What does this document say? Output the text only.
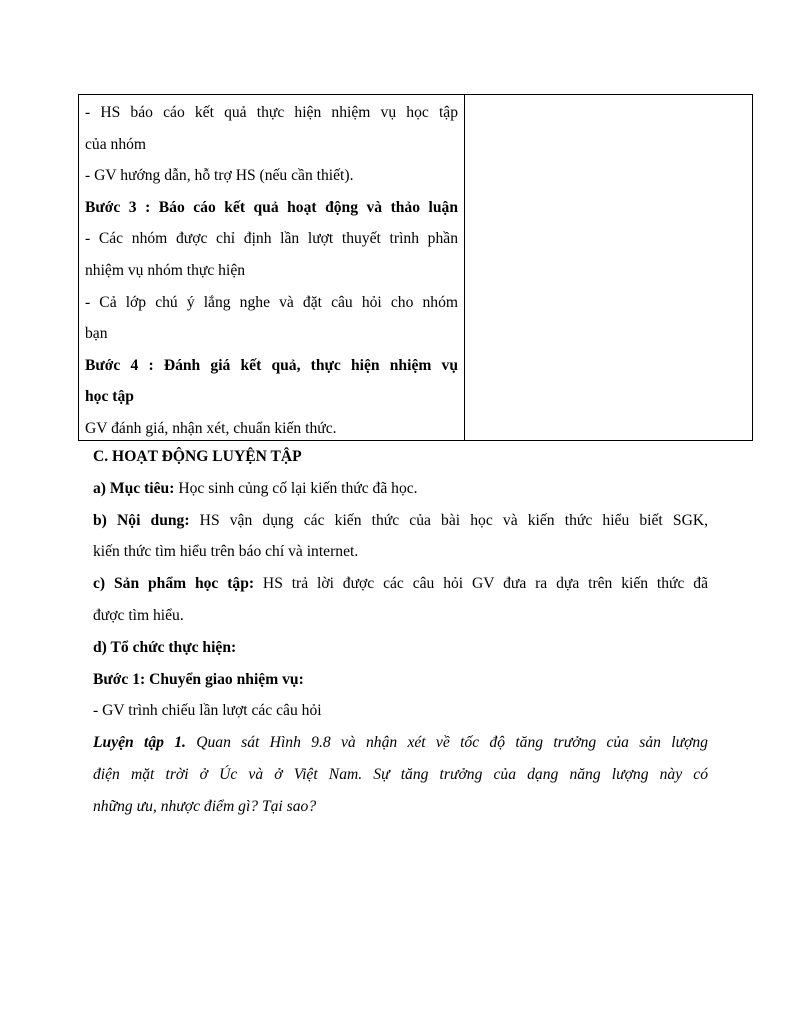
- HS báo cáo kết quả thực hiện nhiệm vụ học tập
của nhóm
- GV hướng dẫn, hỗ trợ HS (nếu cần thiết).
Bước 3 : Báo cáo kết quả hoạt động và thảo luận
- Các nhóm được chỉ định lần lượt thuyết trình phần
nhiệm vụ nhóm thực hiện
- Cả lớp chú ý lắng nghe và đặt câu hỏi cho nhóm
bạn
Bước 4 : Đánh giá kết quả, thực hiện nhiệm vụ
học tập
GV đánh giá, nhận xét, chuẩn kiến thức.
C. HOẠT ĐỘNG LUYỆN TẬP
a) Mục tiêu: Học sinh củng cố lại kiến thức đã học.
b) Nội dung: HS vận dụng các kiến thức của bài học và kiến thức hiểu biết SGK,
kiến thức tìm hiểu trên báo chí và internet.
c) Sản phẩm học tập: HS trả lời được các câu hỏi GV đưa ra dựa trên kiến thức đã
được tìm hiểu.
d) Tổ chức thực hiện:
Bước 1: Chuyển giao nhiệm vụ:
- GV trình chiếu lần lượt các câu hỏi
Luyện tập 1. Quan sát Hình 9.8 và nhận xét về tốc độ tăng trưởng của sản lượng
điện mặt trời ở Úc và ở Việt Nam. Sự tăng trưởng của dạng năng lượng này có
những ưu, nhược điểm gì? Tại sao?
